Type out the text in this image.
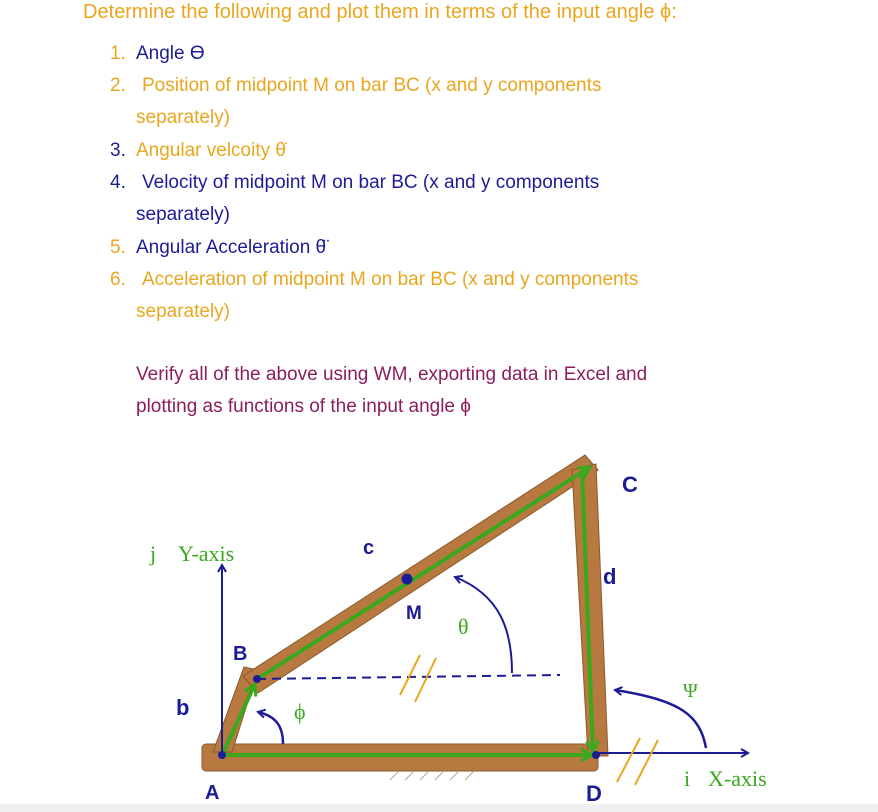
Determine the following and plot them in terms of the input angle ϕ:
1. Angle ϴ
2. Position of midpoint M on bar BC (x and y components
separately)
3. Angular velcoity θ̇
4. Velocity of midpoint M on bar BC (x and y components
separately)
5. Angular Acceleration θ̈
6. Acceleration of midpoint M on bar BC (x and y components
separately)
Verify all of the above using WM, exporting data in Excel and
plotting as functions of the input angle ϕ
C
c
d
M
B
b
D
A
θ
ϕ
Ψ
j Y-axis
i X-axis
